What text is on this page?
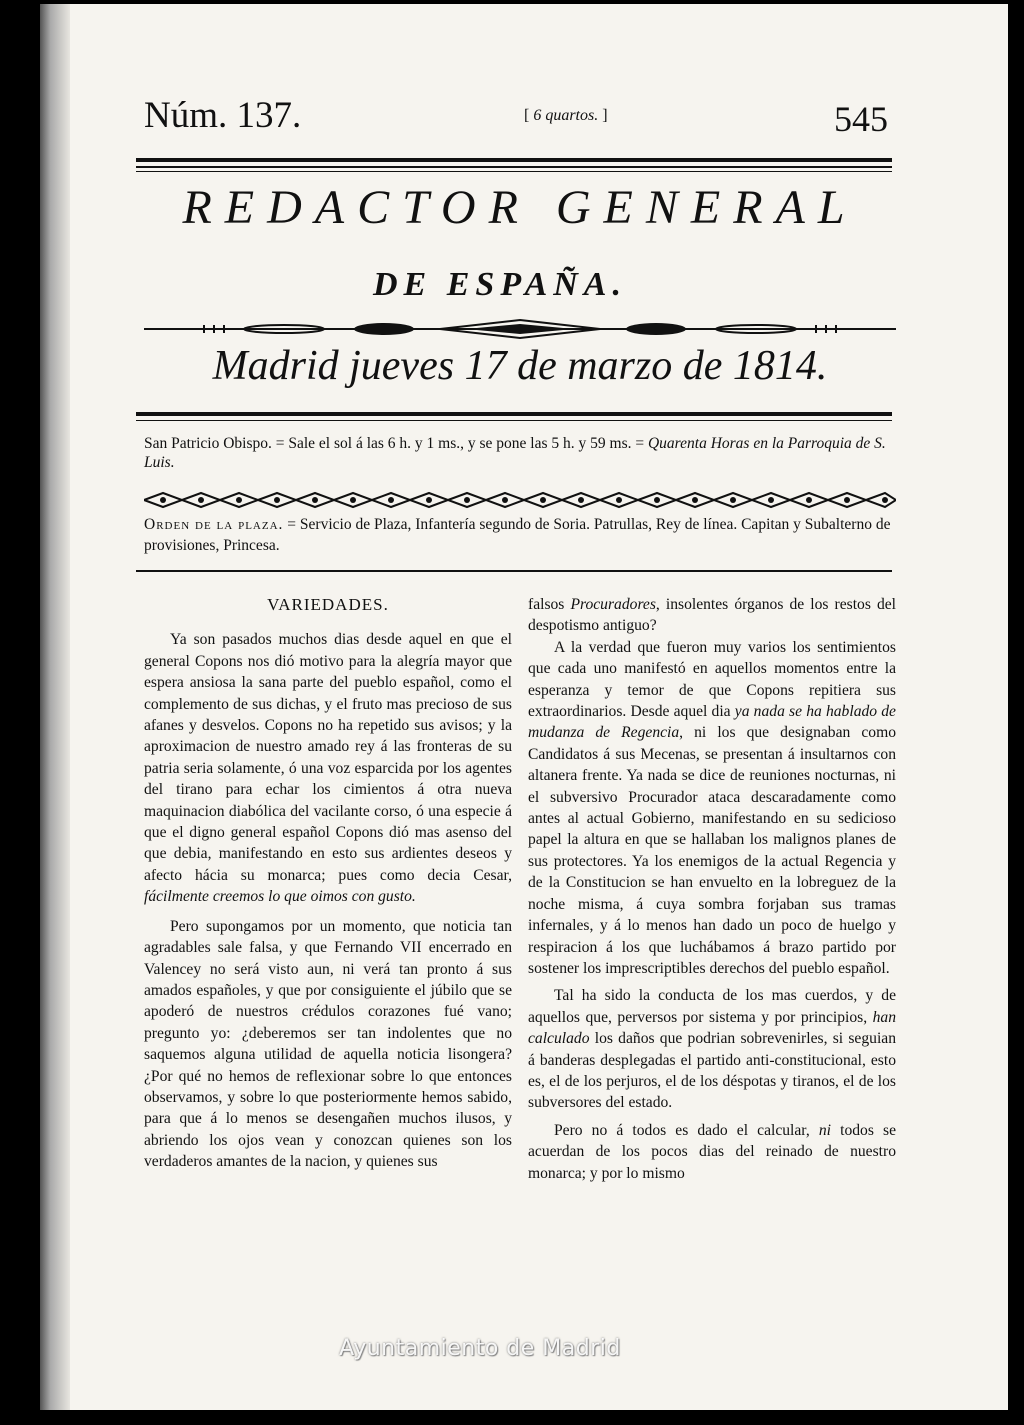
Núm. 137.	[ 6 quartos. ]	545
REDACTOR GENERAL
DE ESPAÑA.
Madrid jueves 17 de marzo de 1814.
San Patricio Obispo. = Sale el sol á las 6 h. y 1 ms., y se pone las 5 h. y 59 ms. = Quarenta Horas en la Parroquia de S. Luis.
Orden de la plaza. = Servicio de Plaza, Infantería segundo de Soria. Patrullas, Rey de línea. Capitan y Subalterno de provisiones, Princesa.
VARIEDADES.

Ya son pasados muchos dias desde aquel en que el general Copons nos dió motivo para la alegría mayor que espera ansiosa la sana parte del pueblo español, como el complemento de sus dichas, y el fruto mas precioso de sus afanes y desvelos. Copons no ha repetido sus avisos; y la aproximacion de nuestro amado rey á las fronteras de su patria seria solamente, ó una voz esparcida por los agentes del tirano para echar los cimientos á otra nueva maquinacion diabólica del vacilante corso, ó una especie á que el digno general español Copons dió mas asenso del que debia, manifestando en esto sus ardientes deseos y afecto hácia su monarca; pues como decia Cesar, fácilmente creemos lo que oimos con gusto.

Pero supongamos por un momento, que noticia tan agradables sale falsa, y que Fernando VII encerrado en Valencey no será visto aun, ni verá tan pronto á sus amados españoles, y que por consiguiente el júbilo que se apoderó de nuestros crédulos corazones fué vano; pregunto yo: ¿deberemos ser tan indolentes que no saquemos alguna utilidad de aquella noticia lisongera? ¿Por qué no hemos de reflexionar sobre lo que entonces observamos, y sobre lo que posteriormente hemos sabido, para que á lo menos se desengañen muchos ilusos, y abriendo los ojos vean y conozcan quienes son los verdaderos amantes de la nacion, y quienes sus

falsos Procuradores, insolentes órganos de los restos del despotismo antiguo?

A la verdad que fueron muy varios los sentimientos que cada uno manifestó en aquellos momentos entre la esperanza y temor de que Copons repitiera sus extraordinarios. Desde aquel dia ya nada se ha hablado de mudanza de Regencia, ni los que designaban como Candidatos á sus Mecenas, se presentan á insultarnos con altanera frente. Ya nada se dice de reuniones nocturnas, ni el subversivo Procurador ataca descaradamente como antes al actual Gobierno, manifestando en su sedicioso papel la altura en que se hallaban los malignos planes de sus protectores. Ya los enemigos de la actual Regencia y de la Constitucion se han envuelto en la lobreguez de la noche misma, á cuya sombra forjaban sus tramas infernales, y á lo menos han dado un poco de huelgo y respiracion á los que luchábamos á brazo partido por sostener los imprescriptibles derechos del pueblo español.

Tal ha sido la conducta de los mas cuerdos, y de aquellos que, perversos por sistema y por principios, han calculado los daños que podrian sobrevenirles, si seguian á banderas desplegadas el partido anti-constitucional, esto es, el de los perjuros, el de los déspotas y tiranos, el de los subversores del estado.

Pero no á todos es dado el calcular, ni todos se acuerdan de los pocos dias del reinado de nuestro monarca; y por lo mismo

Ayuntamiento de Madrid
